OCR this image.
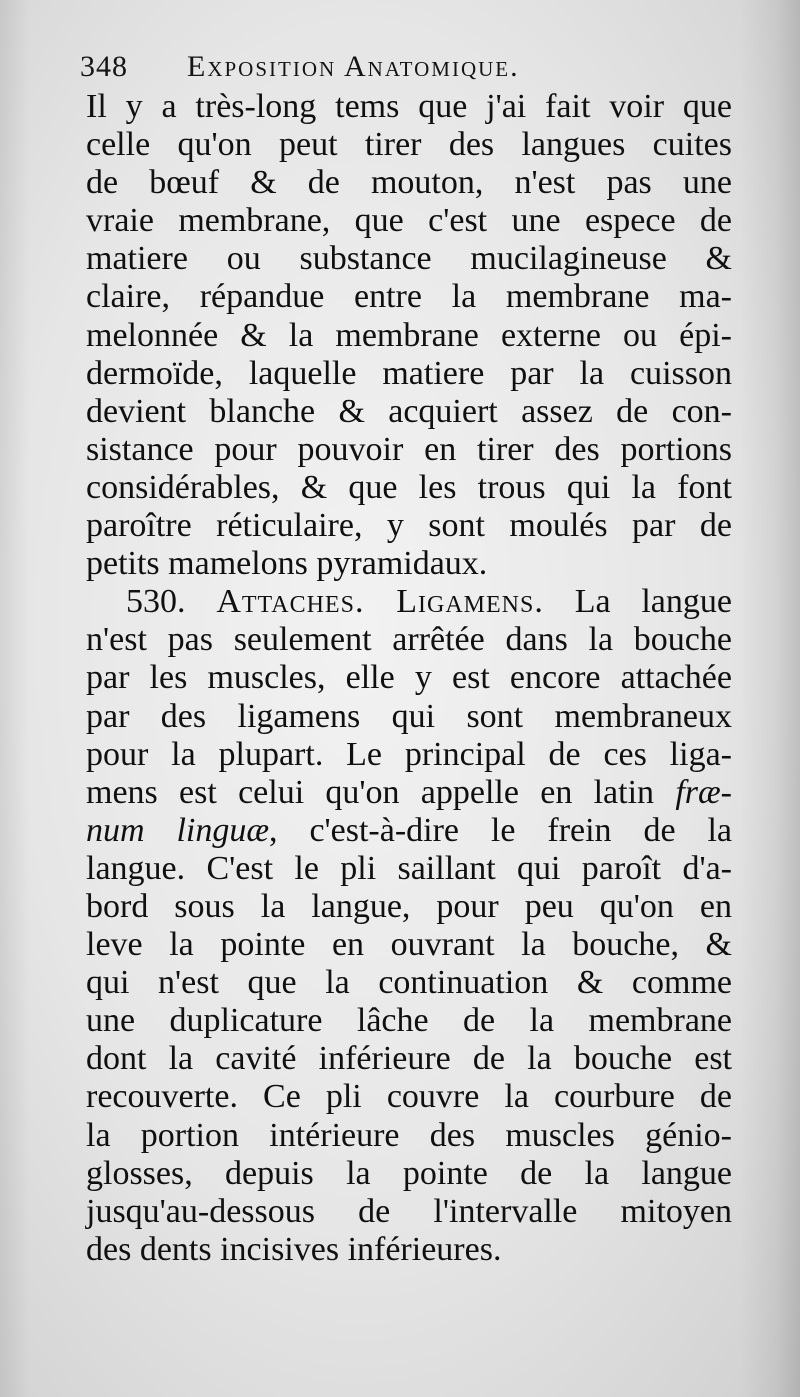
348 Exposition Anatomique.
Il y a très-long tems que j'ai fait voir que
celle qu'on peut tirer des langues cuites
de bœuf & de mouton, n'est pas une
vraie membrane, que c'est une espece de
matiere ou substance mucilagineuse &
claire, répandue entre la membrane ma-
melonnée & la membrane externe ou épi-
dermoïde, laquelle matiere par la cuisson
devient blanche & acquiert assez de con-
sistance pour pouvoir en tirer des portions
considérables, & que les trous qui la font
paroître réticulaire, y sont moulés par de
petits mamelons pyramidaux.
530. Attaches. Ligamens. La langue
n'est pas seulement arrêtée dans la bouche
par les muscles, elle y est encore attachée
par des ligamens qui sont membraneux
pour la plupart. Le principal de ces liga-
mens est celui qu'on appelle en latin fræ-
num linguæ, c'est-à-dire le frein de la
langue. C'est le pli saillant qui paroît d'a-
bord sous la langue, pour peu qu'on en
leve la pointe en ouvrant la bouche, &
qui n'est que la continuation & comme
une duplicature lâche de la membrane
dont la cavité inférieure de la bouche est
recouverte. Ce pli couvre la courbure de
la portion intérieure des muscles génio-
glosses, depuis la pointe de la langue
jusqu'au-dessous de l'intervalle mitoyen
des dents incisives inférieures.
